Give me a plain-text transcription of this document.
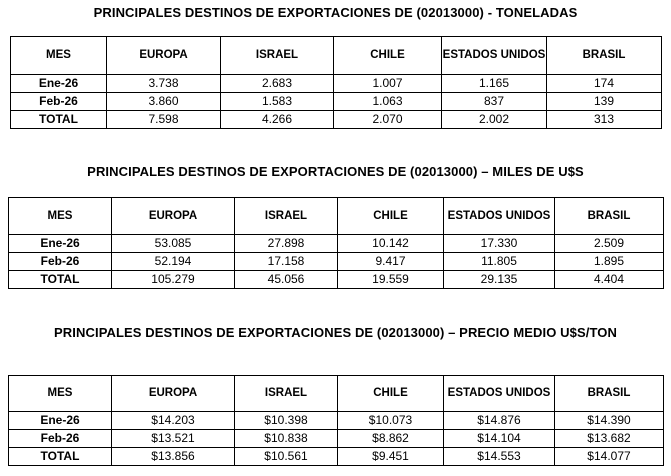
PRINCIPALES DESTINOS DE EXPORTACIONES DE (02013000) - TONELADAS
MES	EUROPA	ISRAEL	CHILE	ESTADOS UNIDOS	BRASIL
Ene-26	3.738	2.683	1.007	1.165	174
Feb-26	3.860	1.583	1.063	837	139
TOTAL	7.598	4.266	2.070	2.002	313
PRINCIPALES DESTINOS DE EXPORTACIONES DE (02013000) – MILES DE U$S
MES	EUROPA	ISRAEL	CHILE	ESTADOS UNIDOS	BRASIL
Ene-26	53.085	27.898	10.142	17.330	2.509
Feb-26	52.194	17.158	9.417	11.805	1.895
TOTAL	105.279	45.056	19.559	29.135	4.404
PRINCIPALES DESTINOS DE EXPORTACIONES DE (02013000) – PRECIO MEDIO U$S/TON
MES	EUROPA	ISRAEL	CHILE	ESTADOS UNIDOS	BRASIL
Ene-26	$14.203	$10.398	$10.073	$14.876	$14.390
Feb-26	$13.521	$10.838	$8.862	$14.104	$13.682
TOTAL	$13.856	$10.561	$9.451	$14.553	$14.077
